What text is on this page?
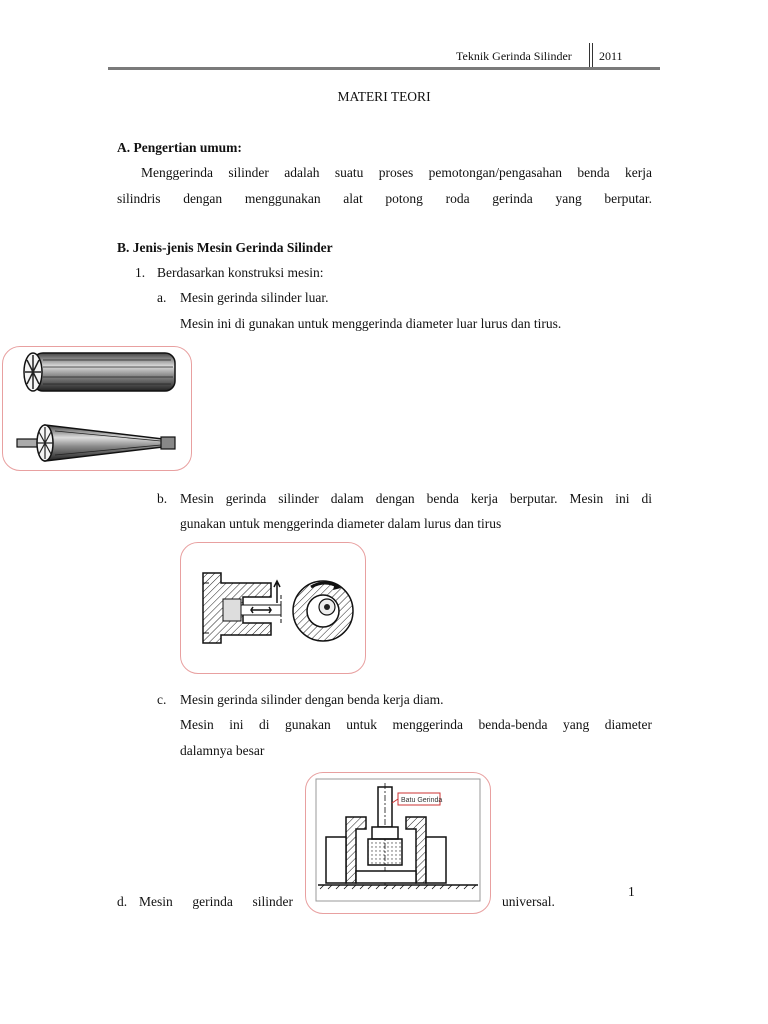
Teknik Gerinda Silinder 2011
MATERI TEORI
A. Pengertian umum:
Menggerinda silinder adalah suatu proses pemotongan/pengasahan benda kerja
silindris dengan menggunakan alat potong roda gerinda yang berputar.
B. Jenis-jenis Mesin Gerinda Silinder
1. Berdasarkan konstruksi mesin:
a. Mesin gerinda silinder luar.
Mesin ini di gunakan untuk menggerinda diameter luar lurus dan tirus.
b. Mesin gerinda silinder dalam dengan benda kerja berputar. Mesin ini di
gunakan untuk menggerinda diameter dalam lurus dan tirus
c. Mesin gerinda silinder dengan benda kerja diam.
Mesin ini di gunakan untuk menggerinda benda-benda yang diameter
dalamnya besar
Batu Gerinda
d. Mesin gerinda silinder	universal.
1
